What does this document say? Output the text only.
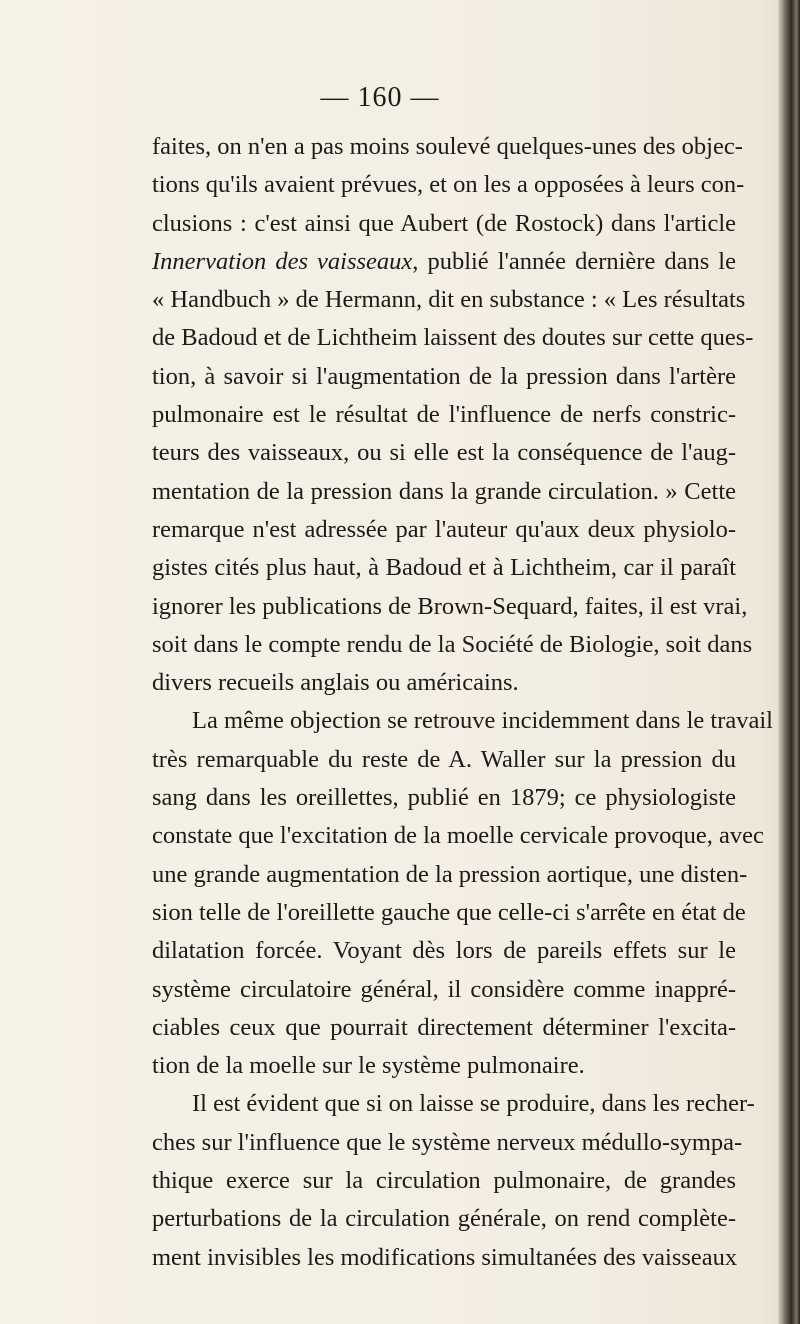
— 160 —
faites, on n'en a pas moins soulevé quelques-unes des objec-
tions qu'ils avaient prévues, et on les a opposées à leurs con-
clusions : c'est ainsi que Aubert (de Rostock) dans l'article
Innervation des vaisseaux, publié l'année dernière dans le
« Handbuch » de Hermann, dit en substance : « Les résultats
de Badoud et de Lichtheim laissent des doutes sur cette ques-
tion, à savoir si l'augmentation de la pression dans l'artère
pulmonaire est le résultat de l'influence de nerfs constric-
teurs des vaisseaux, ou si elle est la conséquence de l'aug-
mentation de la pression dans la grande circulation. » Cette
remarque n'est adressée par l'auteur qu'aux deux physiolo-
gistes cités plus haut, à Badoud et à Lichtheim, car il paraît
ignorer les publications de Brown-Sequard, faites, il est vrai,
soit dans le compte rendu de la Société de Biologie, soit dans
divers recueils anglais ou américains.
La même objection se retrouve incidemment dans le travail
très remarquable du reste de A. Waller sur la pression du
sang dans les oreillettes, publié en 1879; ce physiologiste
constate que l'excitation de la moelle cervicale provoque, avec
une grande augmentation de la pression aortique, une disten-
sion telle de l'oreillette gauche que celle-ci s'arrête en état de
dilatation forcée. Voyant dès lors de pareils effets sur le
système circulatoire général, il considère comme inappré-
ciables ceux que pourrait directement déterminer l'excita-
tion de la moelle sur le système pulmonaire.
Il est évident que si on laisse se produire, dans les recher-
ches sur l'influence que le système nerveux médullo-sympa-
thique exerce sur la circulation pulmonaire, de grandes
perturbations de la circulation générale, on rend complète-
ment invisibles les modifications simultanées des vaisseaux
